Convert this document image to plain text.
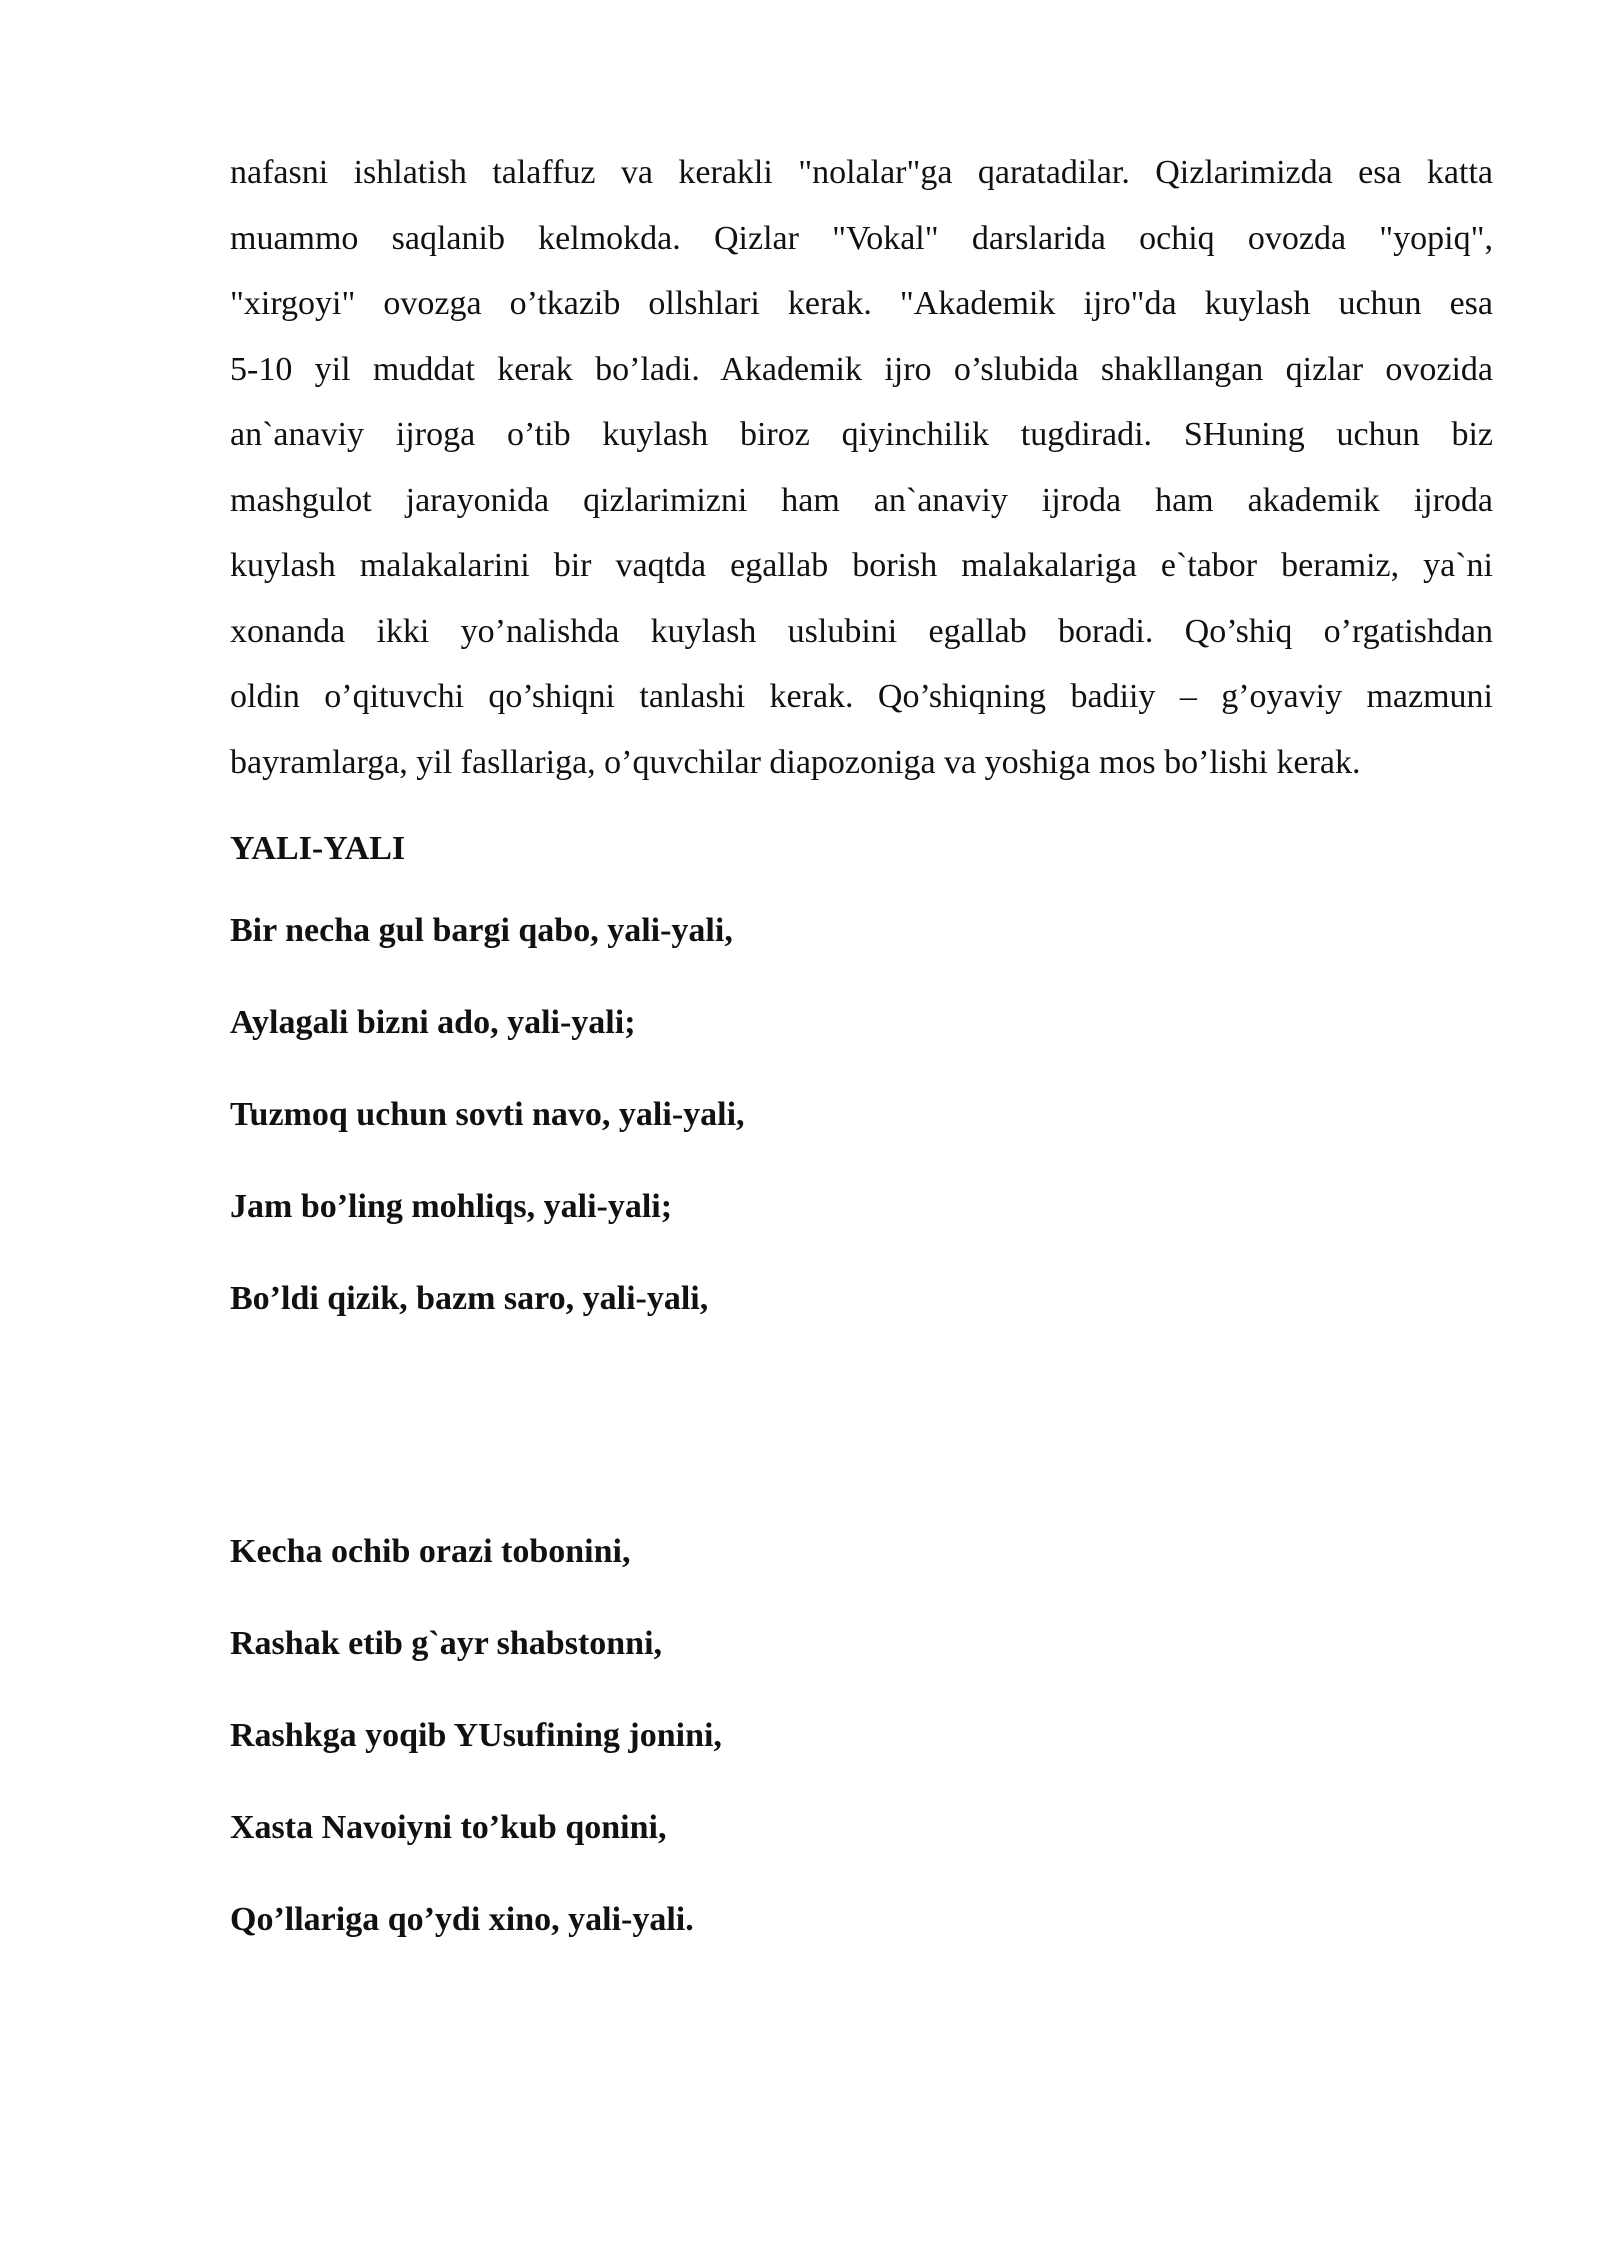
nafasni ishlatish talaffuz va kerakli "nolalar"ga qaratadilar. Qizlarimizda esa katta
muammo saqlanib kelmokda. Qizlar "Vokal" darslarida ochiq ovozda "yopiq",
"xirgoyi" ovozga o’tkazib ollshlari kerak. "Akademik ijro"da kuylash uchun esa
5-10 yil muddat kerak bo’ladi. Akademik ijro o’slubida shakllangan qizlar ovozida
an`anaviy ijroga o’tib kuylash biroz qiyinchilik tugdiradi. SHuning uchun biz
mashgulot jarayonida qizlarimizni ham an`anaviy ijroda ham akademik ijroda
kuylash malakalarini bir vaqtda egallab borish malakalariga e`tabor beramiz, ya`ni
xonanda ikki yo’nalishda kuylash uslubini egallab boradi. Qo’shiq o’rgatishdan
oldin o’qituvchi qo’shiqni tanlashi kerak. Qo’shiqning badiiy – g’oyaviy mazmuni
bayramlarga, yil fasllariga, o’quvchilar diapozoniga va yoshiga mos bo’lishi kerak.

YALI-YALI

Bir necha gul bargi qabo, yali-yali,

Aylagali bizni ado, yali-yali;

Tuzmoq uchun sovti navo, yali-yali,

Jam bo’ling mohliqs, yali-yali;

Bo’ldi qizik, bazm saro, yali-yali,

Kecha ochib orazi tobonini,

Rashak etib g`ayr shabstonni,

Rashkga yoqib YUsufining jonini,

Xasta Navoiyni to’kub qonini,

Qo’llariga qo’ydi xino, yali-yali.
